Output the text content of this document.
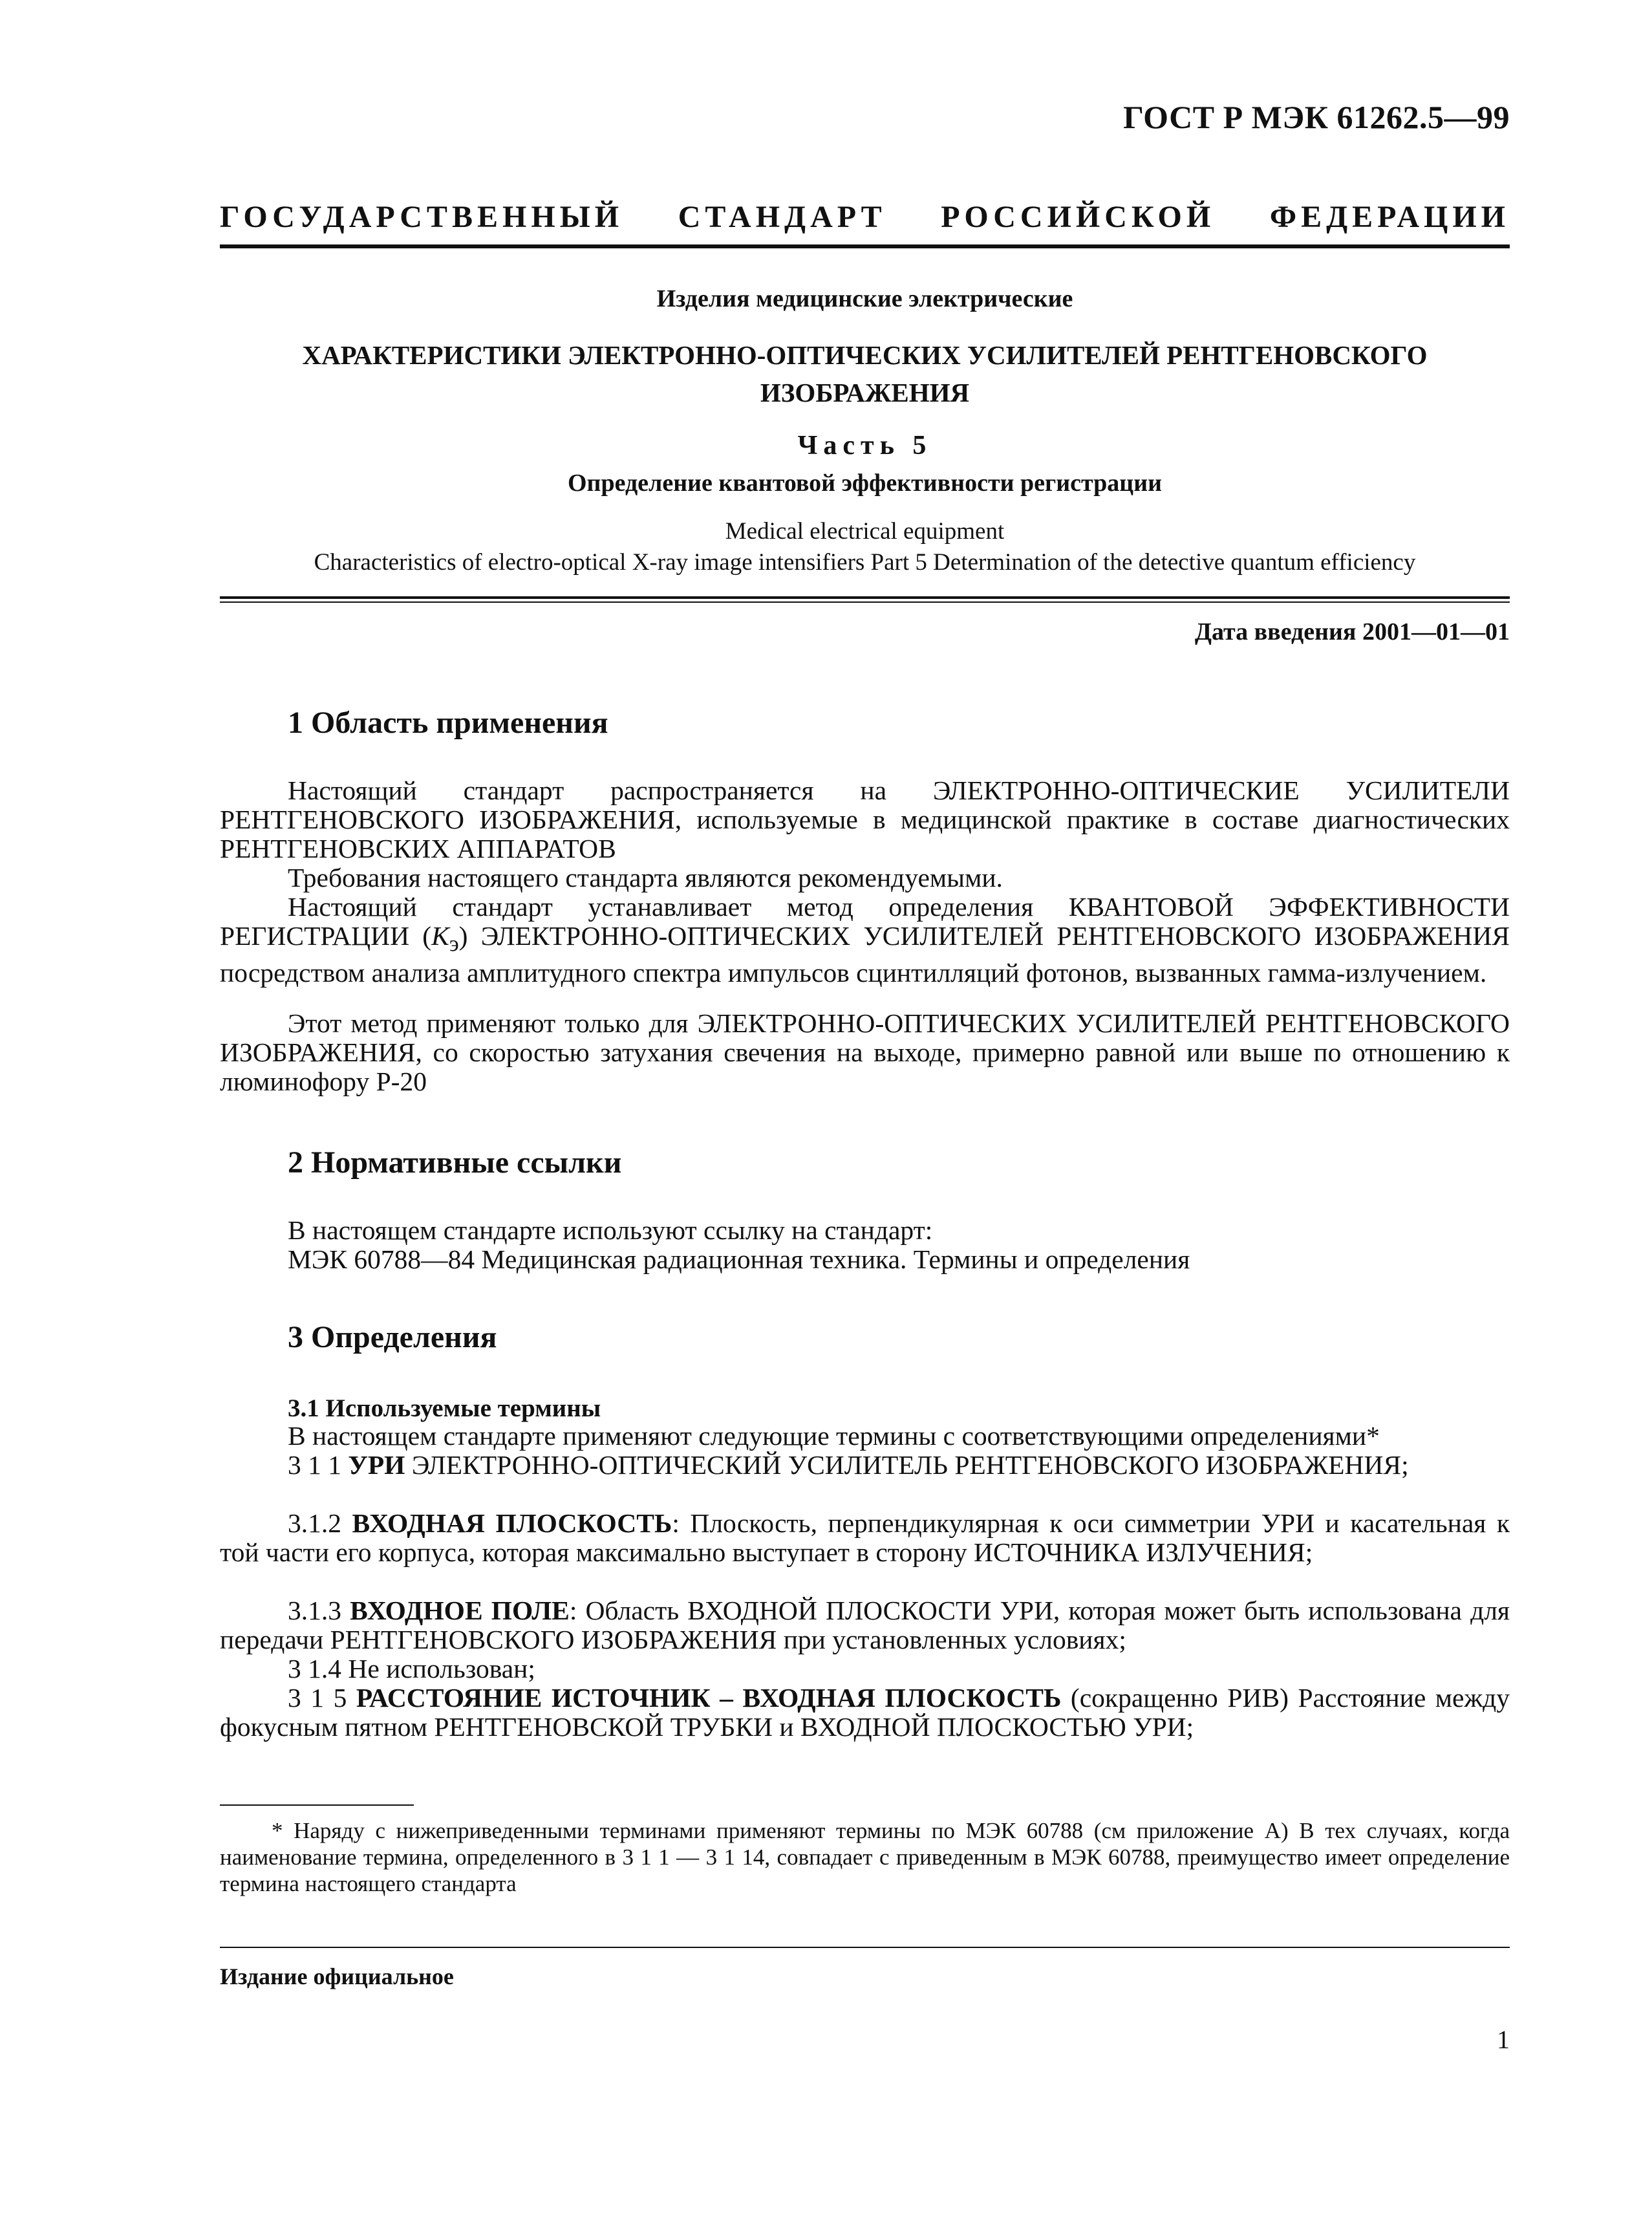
ГОСТ Р МЭК 61262.5—99
ГОСУДАРСТВЕННЫЙ СТАНДАРТ РОССИЙСКОЙ ФЕДЕРАЦИИ
Изделия медицинские электрические
ХАРАКТЕРИСТИКИ ЭЛЕКТРОННО-ОПТИЧЕСКИХ УСИЛИТЕЛЕЙ РЕНТГЕНОВСКОГО
ИЗОБРАЖЕНИЯ
Часть 5
Определение квантовой эффективности регистрации
Medical electrical equipment
Characteristics of electro-optical X-ray image intensifiers Part 5 Determination of the detective quantum efficiency
Дата введения 2001—01—01
1 Область применения

Настоящий стандарт распространяется на ЭЛЕКТРОННО-ОПТИЧЕСКИЕ УСИЛИТЕЛИ РЕНТГЕНОВСКОГО ИЗОБРАЖЕНИЯ, используемые в медицинской практике в составе диагностических РЕНТГЕНОВСКИХ АППАРАТОВ

Требования настоящего стандарта являются рекомендуемыми.

Настоящий стандарт устанавливает метод определения КВАНТОВОЙ ЭФФЕКТИВНОСТИ РЕГИСТРАЦИИ $(K_э)$ ЭЛЕКТРОННО-ОПТИЧЕСКИХ УСИЛИТЕЛЕЙ РЕНТГЕНОВСКОГО ИЗОБРАЖЕНИЯ посредством анализа амплитудного спектра импульсов сцинтилляций фотонов, вызванных гамма-излучением.

Этот метод применяют только для ЭЛЕКТРОННО-ОПТИЧЕСКИХ УСИЛИТЕЛЕЙ РЕНТГЕНОВСКОГО ИЗОБРАЖЕНИЯ, со скоростью затухания свечения на выходе, примерно равной или выше по отношению к люминофору Р-20

2 Нормативные ссылки
В настоящем стандарте используют ссылку на стандарт:
МЭК 60788—84 Медицинская радиационная техника. Термины и определения
3 Определения
3.1 Используемые термины
В настоящем стандарте применяют следующие термины с соответствующими определениями*

3 1 1 УРИ ЭЛЕКТРОННО-ОПТИЧЕСКИЙ УСИЛИТЕЛЬ РЕНТГЕНОВСКОГО ИЗОБРАЖЕНИЯ;

3.1.2 ВХОДНАЯ ПЛОСКОСТЬ: Плоскость, перпендикулярная к оси симметрии УРИ и касательная к той части его корпуса, которая максимально выступает в сторону ИСТОЧНИКА ИЗЛУЧЕНИЯ;

3.1.3 ВХОДНОЕ ПОЛЕ: Область ВХОДНОЙ ПЛОСКОСТИ УРИ, которая может быть использована для передачи РЕНТГЕНОВСКОГО ИЗОБРАЖЕНИЯ при установленных условиях;

3 1.4 Не использован;

3 1 5 РАССТОЯНИЕ ИСТОЧНИК – ВХОДНАЯ ПЛОСКОСТЬ (сокращенно РИВ) Расстояние между фокусным пятном РЕНТГЕНОВСКОЙ ТРУБКИ и ВХОДНОЙ ПЛОСКОСТЬЮ УРИ;

* Наряду с нижеприведенными терминами применяют термины по МЭК 60788 (см приложение А) В тех случаях, когда наименование термина, определенного в 3 1 1 — 3 1 14, совпадает с приведенным в МЭК 60788, преимущество имеет определение термина настоящего стандарта

Издание официальное
1
